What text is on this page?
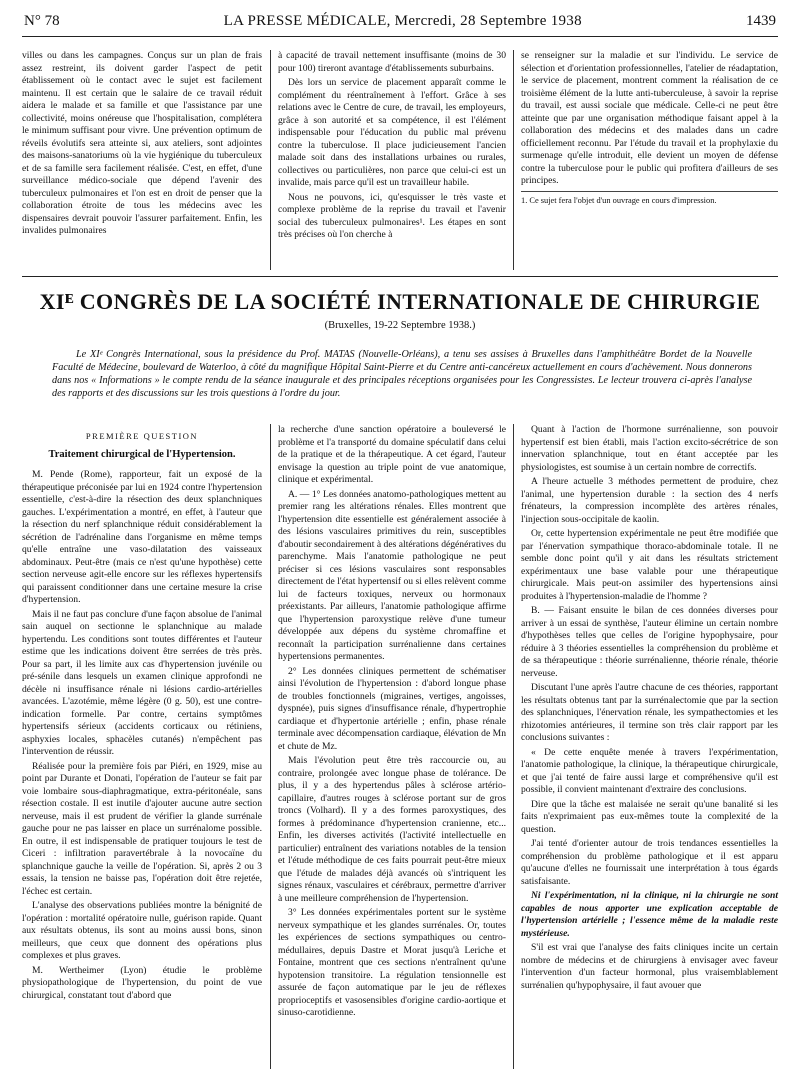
N° 78	LA PRESSE MÉDICALE, Mercredi, 28 Septembre 1938	1439

villes ou dans les campagnes. Conçus sur un plan de frais assez restreint, ils doivent garder l'aspect de petit établissement où le contact avec le sujet est facilement maintenu. Il est certain que le salaire de ce travail réduit aidera le malade et sa famille et que l'assistance par une collectivité, moins onéreuse que l'hospitalisation, complétera le minimum suffisant pour vivre. Une prévention optimum de réveils évolutifs sera atteinte si, aux ateliers, sont adjointes des maisons-sanatoriums où la vie hygiénique du tuberculeux et de sa famille sera facilement réalisée. C'est, en effet, d'une surveillance médico-sociale que dépend l'avenir des tuberculeux pulmonaires et l'on est en droit de penser que la collaboration étroite de tous les médecins avec les dispensaires devrait pouvoir l'assurer parfaitement. Enfin, les invalides pulmonaires

à capacité de travail nettement insuffisante (moins de 30 pour 100) tireront avantage d'établissements suburbains.

Dès lors un service de placement apparaît comme le complément du réentraînement à l'effort. Grâce à ses relations avec le Centre de cure, de travail, les employeurs, grâce à son autorité et sa compétence, il est l'élément indispensable pour l'éducation du public mal prévenu contre la tuberculose. Il place judicieusement l'ancien malade soit dans des installations urbaines ou rurales, collectives ou particulières, non parce que celui-ci est un invalide, mais parce qu'il est un travailleur habile.

Nous ne pouvons, ici, qu'esquisser le très vaste et complexe problème de la reprise du travail et l'avenir social des tuberculeux pulmonaires¹. Les étapes en sont très précises où l'on cherche à

se renseigner sur la maladie et sur l'individu. Le service de sélection et d'orientation professionnelles, l'atelier de réadaptation, le service de placement, montrent comment la réalisation de ce troisième élément de la lutte anti-tuberculeuse, à savoir la reprise du travail, est aussi sociale que médicale. Celle-ci ne peut être atteinte que par une organisation méthodique faisant appel à la collaboration des médecins et des malades dans un cadre officiellement reconnu. Par l'étude du travail et la prophylaxie du surmenage qu'elle introduit, elle devient un moyen de défense contre la tuberculose pour le public qui profitera d'ailleurs de ses principes.

1. Ce sujet fera l'objet d'un ouvrage en cours d'impression.
XIᴱ CONGRÈS DE LA SOCIÉTÉ INTERNATIONALE DE CHIRURGIE
(Bruxelles, 19-22 Septembre 1938.)

Le XIᵉ Congrès International, sous la présidence du Prof. MATAS (Nouvelle-Orléans), a tenu ses assises à Bruxelles dans l'amphithéâtre Bordet de la Nouvelle Faculté de Médecine, boulevard de Waterloo, à côté du magnifique Hôpital Saint-Pierre et du Centre anti-cancéreux actuellement en cours d'achèvement. Nous donnerons dans nos « Informations » le compte rendu de la séance inaugurale et des principales réceptions organisées pour les Congressistes. Le lecteur trouvera ci-après l'analyse des rapports et des discussions sur les trois questions à l'ordre du jour.

PREMIÈRE QUESTION
Traitement chirurgical de l'Hypertension.

M. Pende (Rome), rapporteur, fait un exposé de la thérapeutique préconisée par lui en 1924 contre l'hypertension essentielle, c'est-à-dire la résection des deux splanchniques gauches. L'expérimentation a montré, en effet, à l'auteur que la résection du nerf splanchnique réduit considérablement la sécrétion de l'adrénaline dans l'organisme en même temps qu'elle entraîne une vaso-dilatation des vaisseaux abdominaux. Peut-être (mais ce n'est qu'une hypothèse) cette section nerveuse agit-elle encore sur les réflexes hypertensifs qui paraissent conditionner dans une certaine mesure la crise d'hypertension.

Mais il ne faut pas conclure d'une façon absolue de l'animal sain auquel on sectionne le splanchnique au malade hypertendu. Les conditions sont toutes différentes et l'auteur estime que les indications doivent être serrées de très près. Pour sa part, il les limite aux cas d'hypertension juvénile ou pré-sénile dans lesquels un examen clinique approfondi ne décèle ni insuffisance rénale ni lésions cardio-artérielles avancées. L'azotémie, même légère (0 g. 50), est une contre-indication formelle. Par contre, certains symptômes hypertensifs sérieux (accidents corticaux ou rétiniens, asphyxies locales, sphacèles cutanés) n'empêchent pas l'intervention de réussir.

Réalisée pour la première fois par Piéri, en 1929, mise au point par Durante et Donati, l'opération de l'auteur se fait par voie lombaire sous-diaphragmatique, extra-péritonéale, sans résection costale. Il est inutile d'ajouter aucune autre section nerveuse, mais il est prudent de vérifier la glande surrénale gauche pour ne pas laisser en place un surrénalome possible. En outre, il est indispensable de pratiquer toujours le test de Ciceri : infiltration paravertébrale à la novocaïne du splanchnique gauche la veille de l'opération. Si, après 2 ou 3 essais, la tension ne baisse pas, l'opération doit être rejetée, l'échec est certain.

L'analyse des observations publiées montre la bénignité de l'opération : mortalité opératoire nulle, guérison rapide. Quant aux résultats obtenus, ils sont au moins aussi bons, sinon meilleurs, que ceux que donnent des opérations plus complexes et plus graves.

M. Wertheimer (Lyon) étudie le problème physiopathologique de l'hypertension, du point de vue chirurgical, constatant tout d'abord que

la recherche d'une sanction opératoire a bouleversé le problème et l'a transporté du domaine spéculatif dans celui de la pratique et de la thérapeutique. A cet égard, l'auteur envisage la question au triple point de vue anatomique, clinique et expérimental.

A. — 1° Les données anatomo-pathologiques mettent au premier rang les altérations rénales. Elles montrent que l'hypertension dite essentielle est généralement associée à des lésions vasculaires primitives du rein, susceptibles d'aboutir secondairement à des altérations dégénératives du parenchyme. Mais l'anatomie pathologique ne peut préciser si ces lésions vasculaires sont responsables directement de l'état hypertensif ou si elles relèvent comme lui de facteurs toxiques, nerveux ou hormonaux préexistants. Par ailleurs, l'anatomie pathologique affirme que l'hypertension paroxystique relève d'une tumeur développée aux dépens du système chromaffine et reconnaît la participation surrénalienne dans certaines hypertensions permanentes.

2° Les données cliniques permettent de schématiser ainsi l'évolution de l'hypertension : d'abord longue phase de troubles fonctionnels (migraines, vertiges, angoisses, dyspnée), puis signes d'insuffisance rénale, d'hypertrophie cardiaque et d'hypertonie artérielle ; enfin, phase rénale terminale avec décompensation cardiaque, élévation de Mn et chute de Mz.

Mais l'évolution peut être très raccourcie ou, au contraire, prolongée avec longue phase de tolérance. De plus, il y a des hypertendus pâles à sclérose artério-capillaire, d'autres rouges à sclérose portant sur de gros troncs (Volhard). Il y a des formes paroxystiques, des formes à prédominance d'hypertension cranienne, etc... Enfin, les diverses activités (l'activité intellectuelle en particulier) entraînent des variations notables de la tension et l'étude méthodique de ces faits pourrait peut-être mieux que l'étude de malades déjà avancés où s'intriquent les signes rénaux, vasculaires et cérébraux, permettre d'arriver à une meilleure compréhension de l'hypertension.

3° Les données expérimentales portent sur le système nerveux sympathique et les glandes surrénales. Or, toutes les expériences de sections sympathiques ou centro-médullaires, depuis Dastre et Morat jusqu'à Leriche et Fontaine, montrent que ces sections n'entraînent qu'une hypotension transitoire. La régulation tensionnelle est assurée de façon automatique par le jeu de réflexes proprioceptifs et vasosensibles d'origine cardio-aortique et sinuso-carotidienne.

Quant à l'action de l'hormone surrénalienne, son pouvoir hypertensif est bien établi, mais l'action excito-sécrétrice de son innervation splanchnique, tout en étant acceptée par les physiologistes, est soumise à un certain nombre de correctifs.

A l'heure actuelle 3 méthodes permettent de produire, chez l'animal, une hypertension durable : la section des 4 nerfs frénateurs, la compression incomplète des artères rénales, l'injection sous-occipitale de kaolin.

Or, cette hypertension expérimentale ne peut être modifiée que par l'énervation sympathique thoraco-abdominale totale. Il ne semble donc point qu'il y ait dans les résultats strictement expérimentaux une base valable pour une thérapeutique chirurgicale. Mais peut-on assimiler des hypertensions ainsi produites à l'hypertension-maladie de l'homme ?

B. — Faisant ensuite le bilan de ces données diverses pour arriver à un essai de synthèse, l'auteur élimine un certain nombre d'hypothèses telles que celles de l'origine hypophysaire, pour réduire à 3 théories essentielles la compréhension du problème et de sa thérapeutique : théorie surrénalienne, théorie rénale, théorie nerveuse.

Discutant l'une après l'autre chacune de ces théories, rapportant les résultats obtenus tant par la surrénalectomie que par la section des splanchniques, l'énervation rénale, les sympathectomies et les rhizotomies antérieures, il termine son très clair rapport par les conclusions suivantes :

« De cette enquête menée à travers l'expérimentation, l'anatomie pathologique, la clinique, la thérapeutique chirurgicale, et que j'ai tenté de faire aussi large et compréhensive qu'il est possible, il convient maintenant d'extraire des conclusions.

Dire que la tâche est malaisée ne serait qu'une banalité si les faits n'exprimaient pas eux-mêmes toute la complexité de la question.

J'ai tenté d'orienter autour de trois tendances essentielles la compréhension du problème pathologique et il est apparu qu'aucune d'elles ne fournissait une interprétation à tous égards satisfaisante.

Ni l'expérimentation, ni la clinique, ni la chirurgie ne sont capables de nous apporter une explication acceptable de l'hypertension artérielle ; l'essence même de la maladie reste mystérieuse.

S'il est vrai que l'analyse des faits cliniques incite un certain nombre de médecins et de chirurgiens à envisager avec faveur l'intervention d'un facteur hormonal, plus vraisemblablement surrénalien qu'hypophysaire, il faut avouer que
